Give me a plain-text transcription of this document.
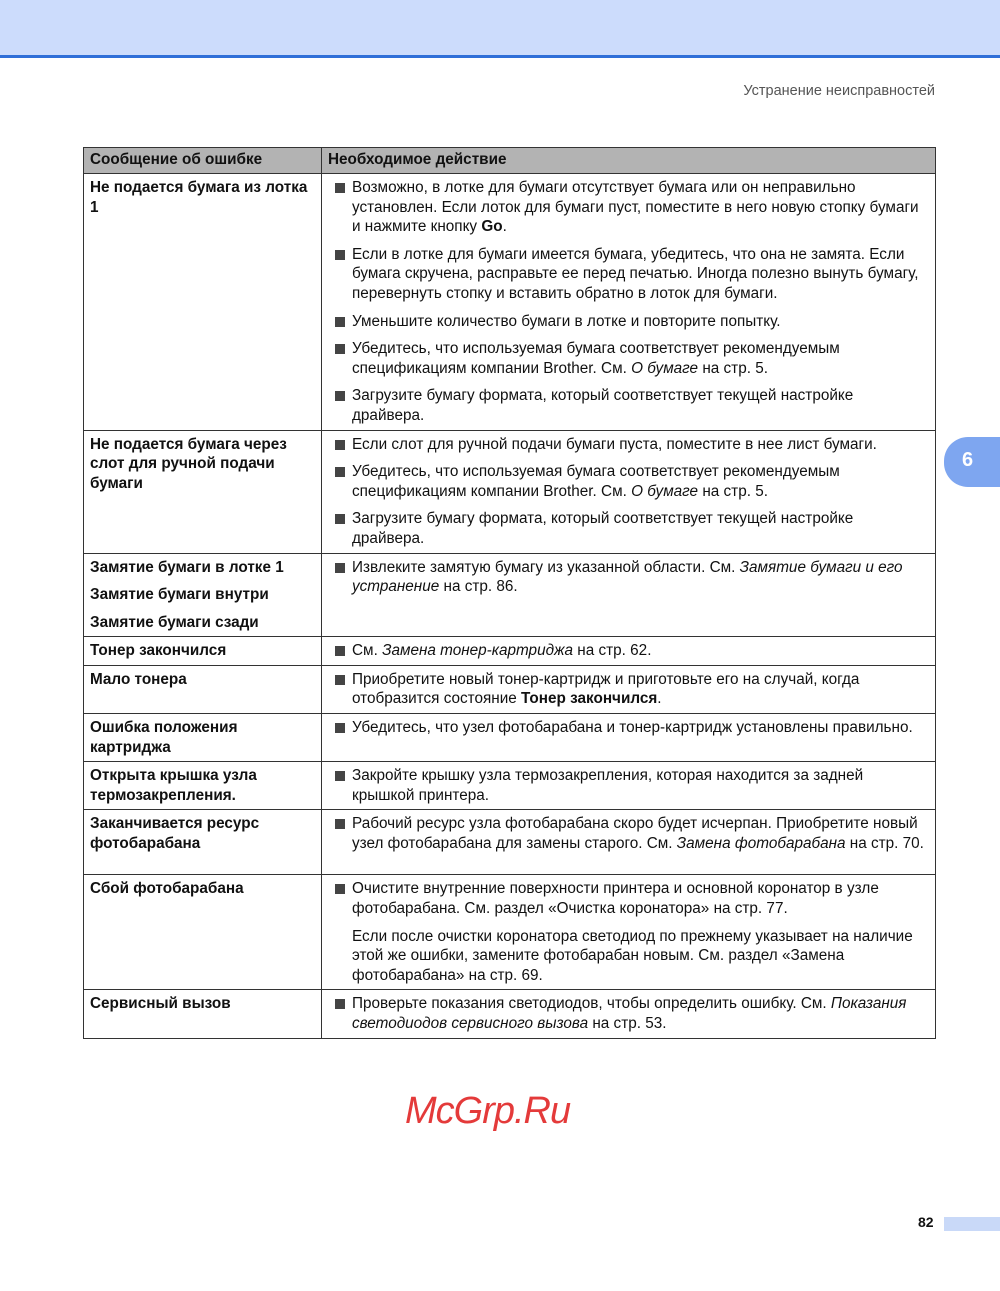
Устранение неисправностей
Сообщение об ошибке	Необходимое действие

Не подается бумага из лотка 1	Возможно, в лотке для бумаги отсутствует бумага или он неправильно установлен. Если лоток для бумаги пуст, поместите в него новую стопку бумаги и нажмите кнопку Go.
Если в лотке для бумаги имеется бумага, убедитесь, что она не замята. Если бумага скручена, расправьте ее перед печатью. Иногда полезно вынуть бумагу, перевернуть стопку и вставить обратно в лоток для бумаги.
Уменьшите количество бумаги в лотке и повторите попытку.
Убедитесь, что используемая бумага соответствует рекомендуемым спецификациям компании Brother. См. О бумаге на стр. 5.
Загрузите бумагу формата, который соответствует текущей настройке драйвера.

Не подается бумага через слот для ручной подачи бумаги	Если слот для ручной подачи бумаги пуста, поместите в нее лист бумаги.
Убедитесь, что используемая бумага соответствует рекомендуемым спецификациям компании Brother. См. О бумаге на стр. 5.
Загрузите бумагу формата, который соответствует текущей настройке драйвера.

Замятие бумаги в лотке 1
Замятие бумаги внутри
Замятие бумаги сзади	Извлеките замятую бумагу из указанной области. См. Замятие бумаги и его устранение на стр. 86.

Тонер закончился	См. Замена тонер-картриджа на стр. 62.

Мало тонера	Приобретите новый тонер-картридж и приготовьте его на случай, когда отобразится состояние Тонер закончился.

Ошибка положения картриджа	Убедитесь, что узел фотобарабана и тонер-картридж установлены правильно.

Открыта крышка узла термозакрепления.	Закройте крышку узла термозакрепления, которая находится за задней крышкой принтера.

Заканчивается ресурс фотобарабана	Рабочий ресурс узла фотобарабана скоро будет исчерпан. Приобретите новый узел фотобарабана для замены старого. См. Замена фотобарабана на стр. 70.

Сбой фотобарабана	Очистите внутренние поверхности принтера и основной коронатор в узле фотобарабана. См. раздел «Очистка коронатора» на стр. 77.
Если после очистки коронатора светодиод по прежнему указывает на наличие этой же ошибки, замените фотобарабан новым. См. раздел «Замена фотобарабана» на стр. 69.

Сервисный вызов	Проверьте показания светодиодов, чтобы определить ошибку. См. Показания светодиодов сервисного вызова на стр. 53.
6
82
McGrp.Ru
